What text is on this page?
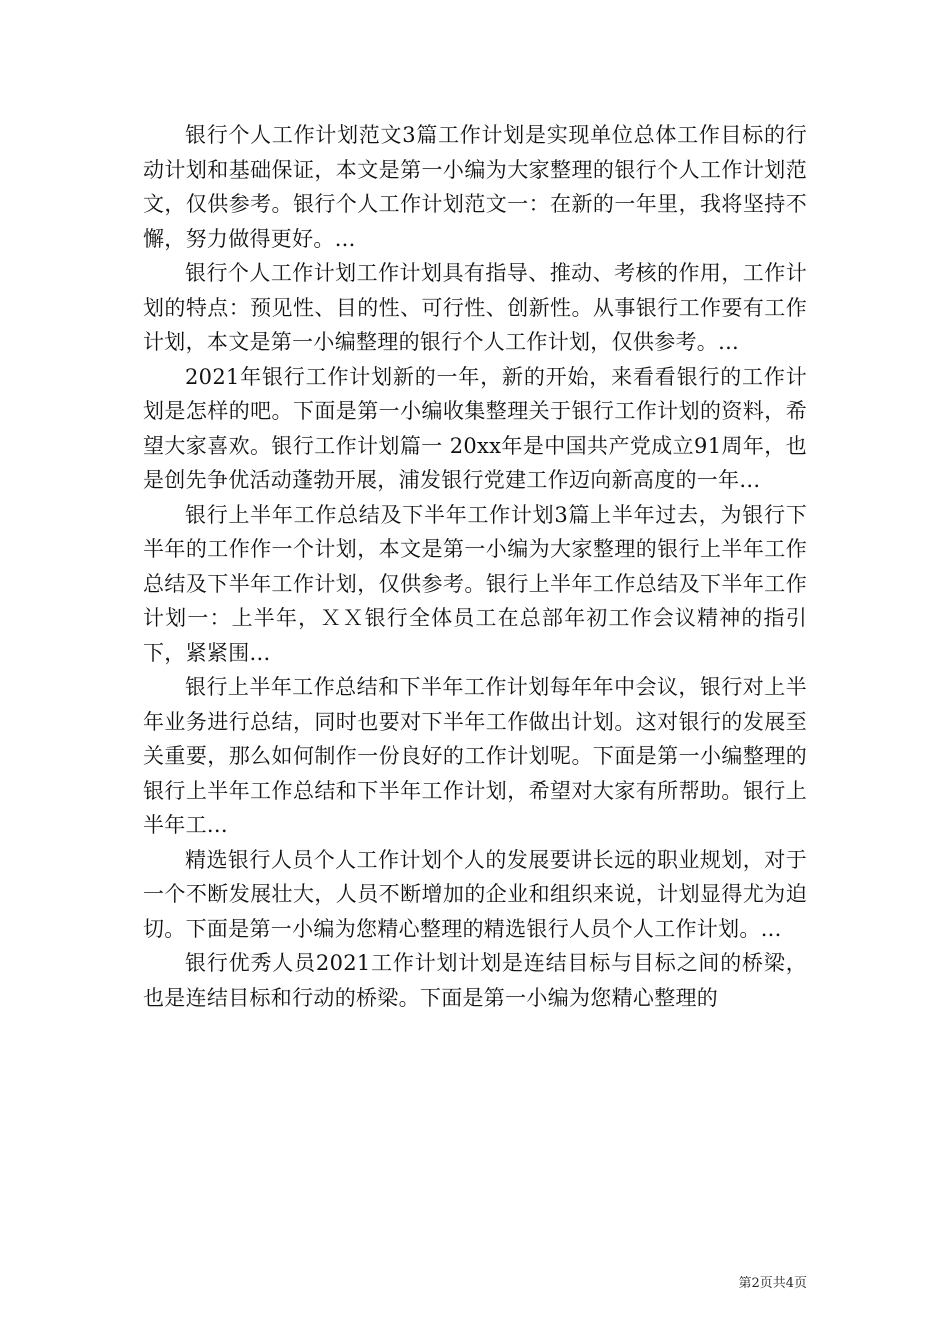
银行个人工作计划范文3篇工作计划是实现单位总体工作目标的行动计划和基础保证，本文是第一小编为大家整理的银行个人工作计划范文，仅供参考。银行个人工作计划范文一：在新的一年里，我将坚持不懈，努力做得更好。...

银行个人工作计划工作计划具有指导、推动、考核的作用，工作计划的特点：预见性、目的性、可行性、创新性。从事银行工作要有工作计划，本文是第一小编整理的银行个人工作计划，仅供参考。...

2021年银行工作计划新的一年，新的开始，来看看银行的工作计划是怎样的吧。下面是第一小编收集整理关于银行工作计划的资料，希望大家喜欢。银行工作计划篇一 20xx年是中国共产党成立91周年，也是创先争优活动蓬勃开展，浦发银行党建工作迈向新高度的一年...

银行上半年工作总结及下半年工作计划3篇上半年过去，为银行下半年的工作作一个计划，本文是第一小编为大家整理的银行上半年工作总结及下半年工作计划，仅供参考。银行上半年工作总结及下半年工作计划一：上半年，ＸＸ银行全体员工在总部年初工作会议精神的指引下，紧紧围...

银行上半年工作总结和下半年工作计划每年年中会议，银行对上半年业务进行总结，同时也要对下半年工作做出计划。这对银行的发展至关重要，那么如何制作一份良好的工作计划呢。下面是第一小编整理的银行上半年工作总结和下半年工作计划，希望对大家有所帮助。银行上半年工...

精选银行人员个人工作计划个人的发展要讲长远的职业规划，对于一个不断发展壮大，人员不断增加的企业和组织来说，计划显得尤为迫切。下面是第一小编为您精心整理的精选银行人员个人工作计划。...

银行优秀人员2021工作计划计划是连结目标与目标之间的桥梁，也是连结目标和行动的桥梁。下面是第一小编为您精心整理的

第2页共4页
